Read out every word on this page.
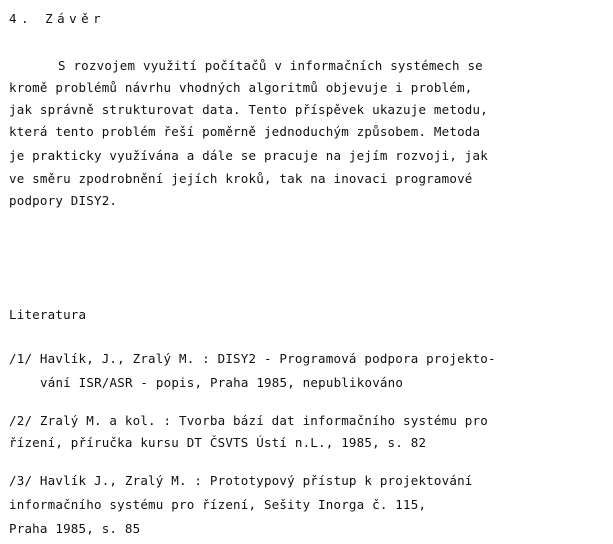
4. Závěr
S rozvojem využití počítačů v informačních systémech se
kromě problémů návrhu vhodných algoritmů objevuje i problém,
jak správně strukturovat data. Tento příspěvek ukazuje metodu,
která tento problém řeší poměrně jednoduchým způsobem. Metoda
je prakticky využívána a dále se pracuje na jejím rozvoji, jak
ve směru zpodrobnění jejích kroků, tak na inovaci programové
podpory DISY2.
Literatura
/1/ Havlík, J., Zralý M. : DISY2 - Programová podpora projekto-
vání ISR/ASR - popis, Praha 1985, nepublikováno
/2/ Zralý M. a kol. : Tvorba bází dat informačního systému pro
řízení, příručka kursu DT ČSVTS Ústí n.L., 1985, s. 82
/3/ Havlík J., Zralý M. : Prototypový přístup k projektování
informačního systému pro řízení, Sešity Inorga č. 115,
Praha 1985, s. 85
